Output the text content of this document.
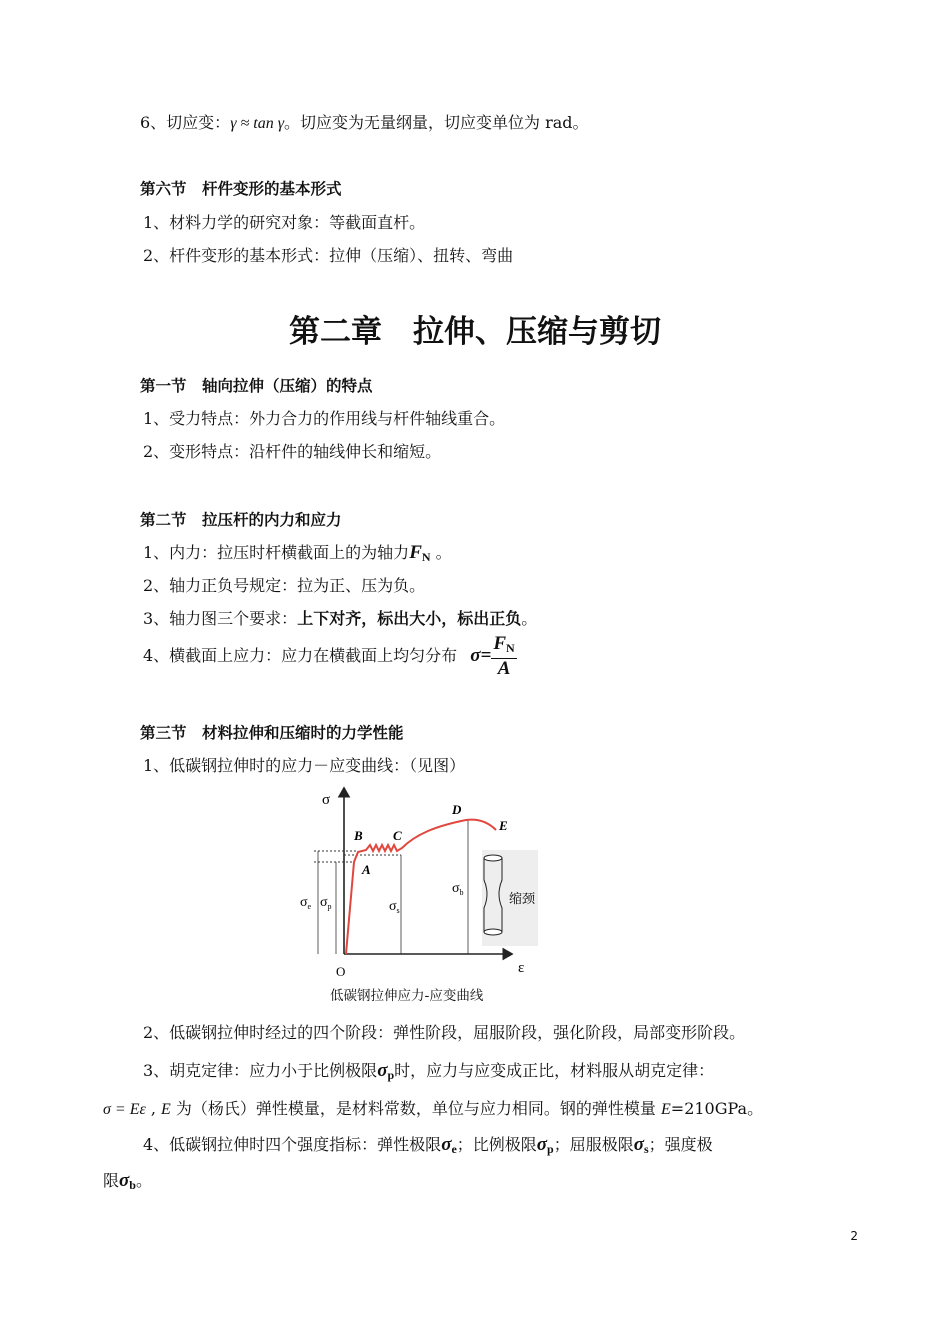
6、切应变：γ ≈ tan γ。切应变为无量纲量，切应变单位为 rad。
第六节　杆件变形的基本形式
1、材料力学的研究对象：等截面直杆。
2、杆件变形的基本形式：拉伸（压缩）、扭转、弯曲
第二章　拉伸、压缩与剪切
第一节　轴向拉伸（压缩）的特点
1、受力特点：外力合力的作用线与杆件轴线重合。
2、变形特点：沿杆件的轴线伸长和缩短。
第二节　拉压杆的内力和应力
1、内力：拉压时杆横截面上的为轴力$F_N$ 。
2、轴力正负号规定：拉为正、压为负。
3、轴力图三个要求：上下对齐，标出大小，标出正负。
4、横截面上应力：应力在横截面上均匀分布 $\sigma= \frac{F_N}{A}$
第三节　材料拉伸和压缩时的力学性能
1、低碳钢拉伸时的应力－应变曲线：（见图）
σ
ε
O
A
B C
D
E
$\sigma_e$ $\sigma_p$	$\sigma_s$
$\sigma_b$	缩颈
低碳钢拉伸应力-应变曲线
2、低碳钢拉伸时经过的四个阶段：弹性阶段，屈服阶段，强化阶段，局部变形阶段。
3、胡克定律：应力小于比例极限$\sigma_p$时，应力与应变成正比，材料服从胡克定律：
σ = Eε , E 为（杨氏）弹性模量，是材料常数，单位与应力相同。钢的弹性模量 E=210GPa。
4、低碳钢拉伸时四个强度指标：弹性极限$\sigma_e$；比例极限$\sigma_p$；屈服极限$\sigma_s$；强度极
限$\sigma_b$。
2
